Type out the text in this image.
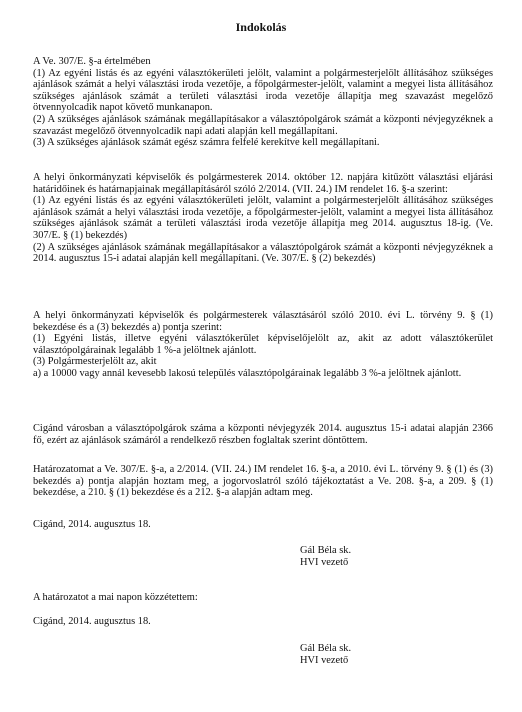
Indokolás

A Ve. 307/E. §-a értelmében

(1) Az egyéni listás és az egyéni választókerületi jelölt, valamint a polgármesterjelölt állításához szükséges ajánlások számát a helyi választási iroda vezetője, a főpolgármester-jelölt, valamint a megyei lista állításához szükséges ajánlások számát a területi választási iroda vezetője állapítja meg szavazást megelőző ötvennyolcadik napot követő munkanapon.

(2) A szükséges ajánlások számának megállapításakor a választópolgárok számát a központi névjegyzéknek a szavazást megelőző ötvennyolcadik napi adati alapján kell megállapítani.

(3) A szükséges ajánlások számát egész számra felfelé kerekítve kell megállapítani.

A helyi önkormányzati képviselők és polgármesterek 2014. október 12. napjára kitűzött választási eljárási határidőinek és határnapjainak megállapításáról szóló 2/2014. (VII. 24.) IM rendelet 16. §-a szerint:

(1) Az egyéni listás és az egyéni választókerületi jelölt, valamint a polgármesterjelölt állításához szükséges ajánlások számát a helyi választási iroda vezetője, a főpolgármester-jelölt, valamint a megyei lista állításához szükséges ajánlások számát a területi választási iroda vezetője állapítja meg 2014. augusztus 18-ig. (Ve. 307/E. § (1) bekezdés)

(2) A szükséges ajánlások számának megállapításakor a választópolgárok számát a központi névjegyzéknek a 2014. augusztus 15-i adatai alapján kell megállapítani. (Ve. 307/E. § (2) bekezdés)

A helyi önkormányzati képviselők és polgármesterek választásáról szóló 2010. évi L. törvény 9. § (1) bekezdése és a (3) bekezdés a) pontja szerint:

(1) Egyéni listás, illetve egyéni választókerület képviselőjelölt az, akit az adott választókerület választópolgárainak legalább 1 %-a jelöltnek ajánlott.

(3) Polgármesterjelölt az, akit

a) a 10000 vagy annál kevesebb lakosú település választópolgárainak legalább 3 %-a jelöltnek ajánlott.

Cigánd városban a választópolgárok száma a központi névjegyzék 2014. augusztus 15-i adatai alapján 2366 fő, ezért az ajánlások számáról a rendelkező részben foglaltak szerint döntöttem.

Határozatomat a Ve. 307/E. §-a, a 2/2014. (VII. 24.) IM rendelet 16. §-a, a 2010. évi L. törvény 9. § (1) és (3) bekezdés a) pontja alapján hoztam meg, a jogorvoslatról szóló tájékoztatást a Ve. 208. §-a, a 209. § (1) bekezdése, a 210. § (1) bekezdése és a 212. §-a alapján adtam meg.

Cigánd, 2014. augusztus 18.

Gál Béla sk.
HVI vezető

A határozatot a mai napon közzétettem:

Cigánd, 2014. augusztus 18.

Gál Béla sk.
HVI vezető
